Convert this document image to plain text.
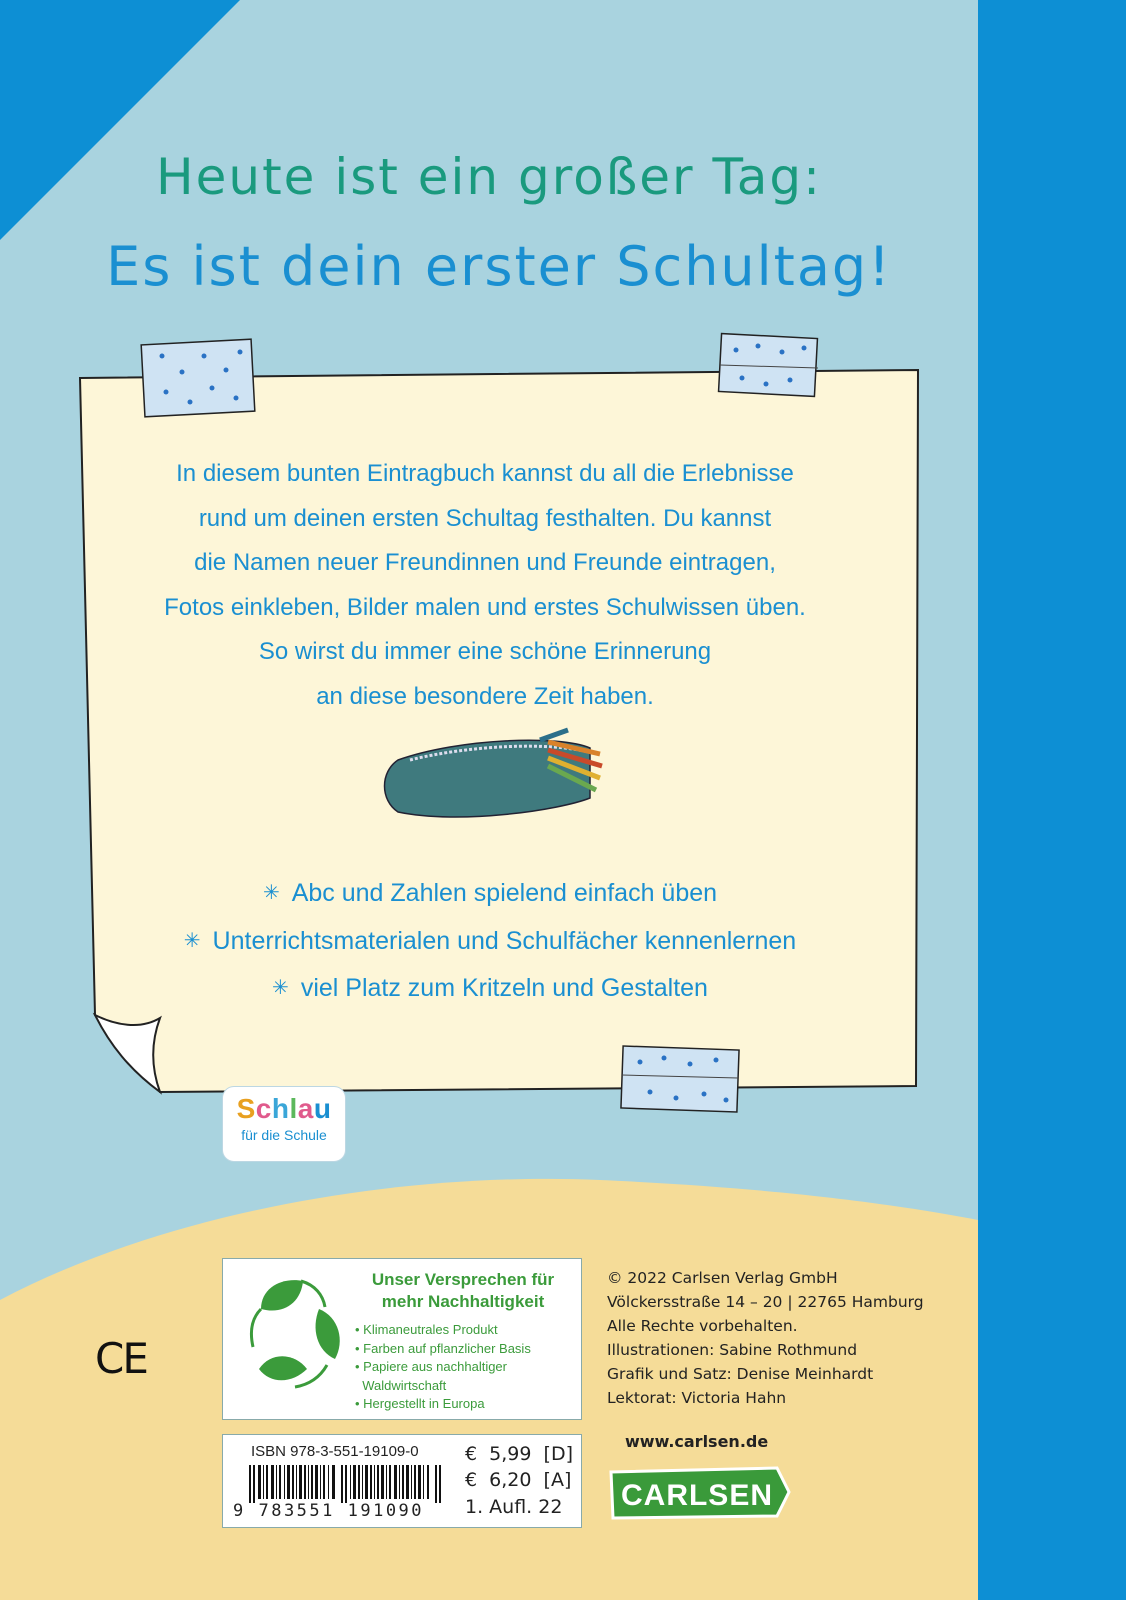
Heute ist ein großer Tag:
Es ist dein erster Schultag!

In diesem bunten Eintragbuch kannst du all die Erlebnisse

rund um deinen ersten Schultag festhalten. Du kannst

die Namen neuer Freundinnen und Freunde eintragen,

Fotos einkleben, Bilder malen und erstes Schulwissen üben.

So wirst du immer eine schöne Erinnerung

an diese besondere Zeit haben.

✳ Abc und Zahlen spielend einfach üben
✳ Unterrichtsmaterialen und Schulfächer kennenlernen
✳ viel Platz zum Kritzeln und Gestalten
Schlau
für die Schule
CE
Unser Versprechen für
mehr Nachhaltigkeit
• Klimaneutrales Produkt
• Farben auf pflanzlicher Basis
• Papiere aus nachhaltiger
Waldwirtschaft
• Hergestellt in Europa
ISBN 978-3-551-19109-0
9 783551 191090
€  5,99  [D]
€  6,20  [A]
1. Aufl. 22
© 2022 Carlsen Verlag GmbH
Völckersstraße 14 – 20 | 22765 Hamburg
Alle Rechte vorbehalten.
Illustrationen: Sabine Rothmund
Grafik und Satz: Denise Meinhardt
Lektorat: Victoria Hahn
www.carlsen.de
CARLSEN
